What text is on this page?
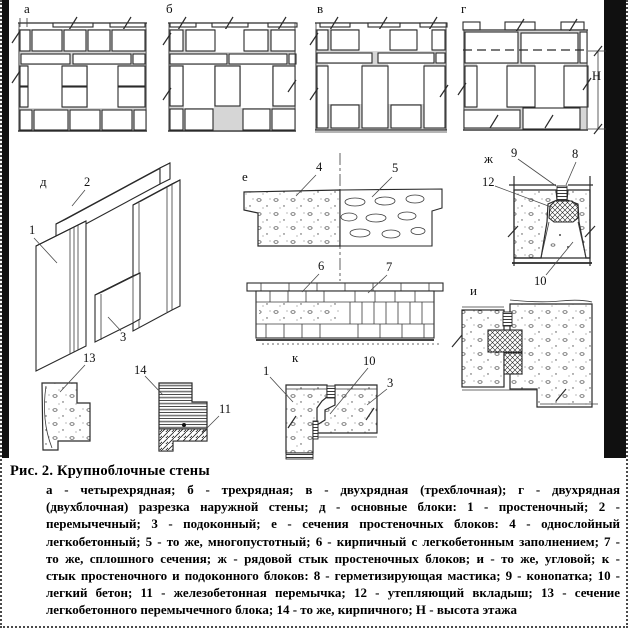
а	б	в	г
Н
д	2
1
3
е
4	5
6	7
ж 9	8
12
10
и
к
1
10
3
13
14
11
Рис. 2. Крупноблочные стены
а - четырехрядная; б - трехрядная; в - двухрядная (трехблочная); г - двухрядная
(двухблочная) разрезка наружной стены; д - основные блоки: 1 - простеночный; 2 -
перемычечный; 3 - подоконный; е - сечения простеночных блоков: 4 - однослойный
легкобетонный; 5 - то же, многопустотный; 6 - кирпичный с легкобетонным заполнением; 7 -
то же, сплошного сечения; ж - рядовой стык простеночных блоков; и - то же, угловой; к -
стык простеночного и подоконного блоков: 8 - герметизирующая мастика; 9 - конопатка; 10 -
легкий бетон; 11 - железобетонная перемычка; 12 - утепляющий вкладыш; 13 - сечение
легкобетонного перемычечного блока; 14 - то же, кирпичного; Н - высота этажа
